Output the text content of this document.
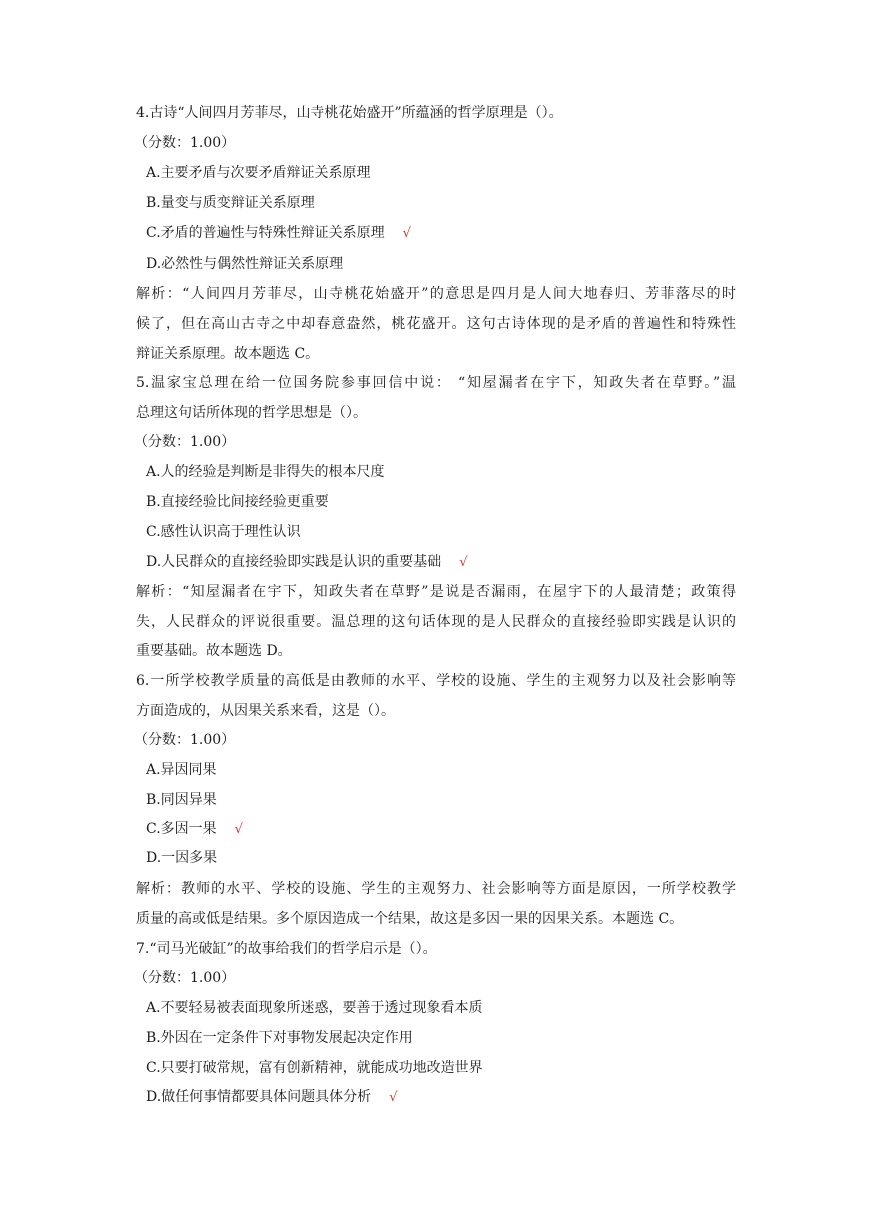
4.古诗“人间四月芳菲尽，山寺桃花始盛开”所蕴涵的哲学原理是（）。
（分数：1.00）
A.主要矛盾与次要矛盾辩证关系原理
B.量变与质变辩证关系原理
C.矛盾的普遍性与特殊性辩证关系原理 √
D.必然性与偶然性辩证关系原理
解析：“人间四月芳菲尽，山寺桃花始盛开”的意思是四月是人间大地春归、芳菲落尽的时
候了，但在高山古寺之中却春意盎然，桃花盛开。这句古诗体现的是矛盾的普遍性和特殊性
辩证关系原理。故本题选 C。
5.温家宝总理在给一位国务院参事回信中说： “知屋漏者在宇下，知政失者在草野。”温
总理这句话所体现的哲学思想是（）。
（分数：1.00）
A.人的经验是判断是非得失的根本尺度
B.直接经验比间接经验更重要
C.感性认识高于理性认识
D.人民群众的直接经验即实践是认识的重要基础 √
解析：“知屋漏者在宇下，知政失者在草野”是说是否漏雨，在屋宇下的人最清楚；政策得
失，人民群众的评说很重要。温总理的这句话体现的是人民群众的直接经验即实践是认识的
重要基础。故本题选 D。
6.一所学校教学质量的高低是由教师的水平、学校的设施、学生的主观努力以及社会影响等
方面造成的，从因果关系来看，这是（）。
（分数：1.00）
A.异因同果
B.同因异果
C.多因一果 √
D.一因多果
解析：教师的水平、学校的设施、学生的主观努力、社会影响等方面是原因，一所学校教学
质量的高或低是结果。多个原因造成一个结果，故这是多因一果的因果关系。本题选 C。
7.“司马光破缸”的故事给我们的哲学启示是（）。
（分数：1.00）
A.不要轻易被表面现象所迷惑，要善于透过现象看本质
B.外因在一定条件下对事物发展起决定作用
C.只要打破常规，富有创新精神，就能成功地改造世界
D.做任何事情都要具体问题具体分析 √
